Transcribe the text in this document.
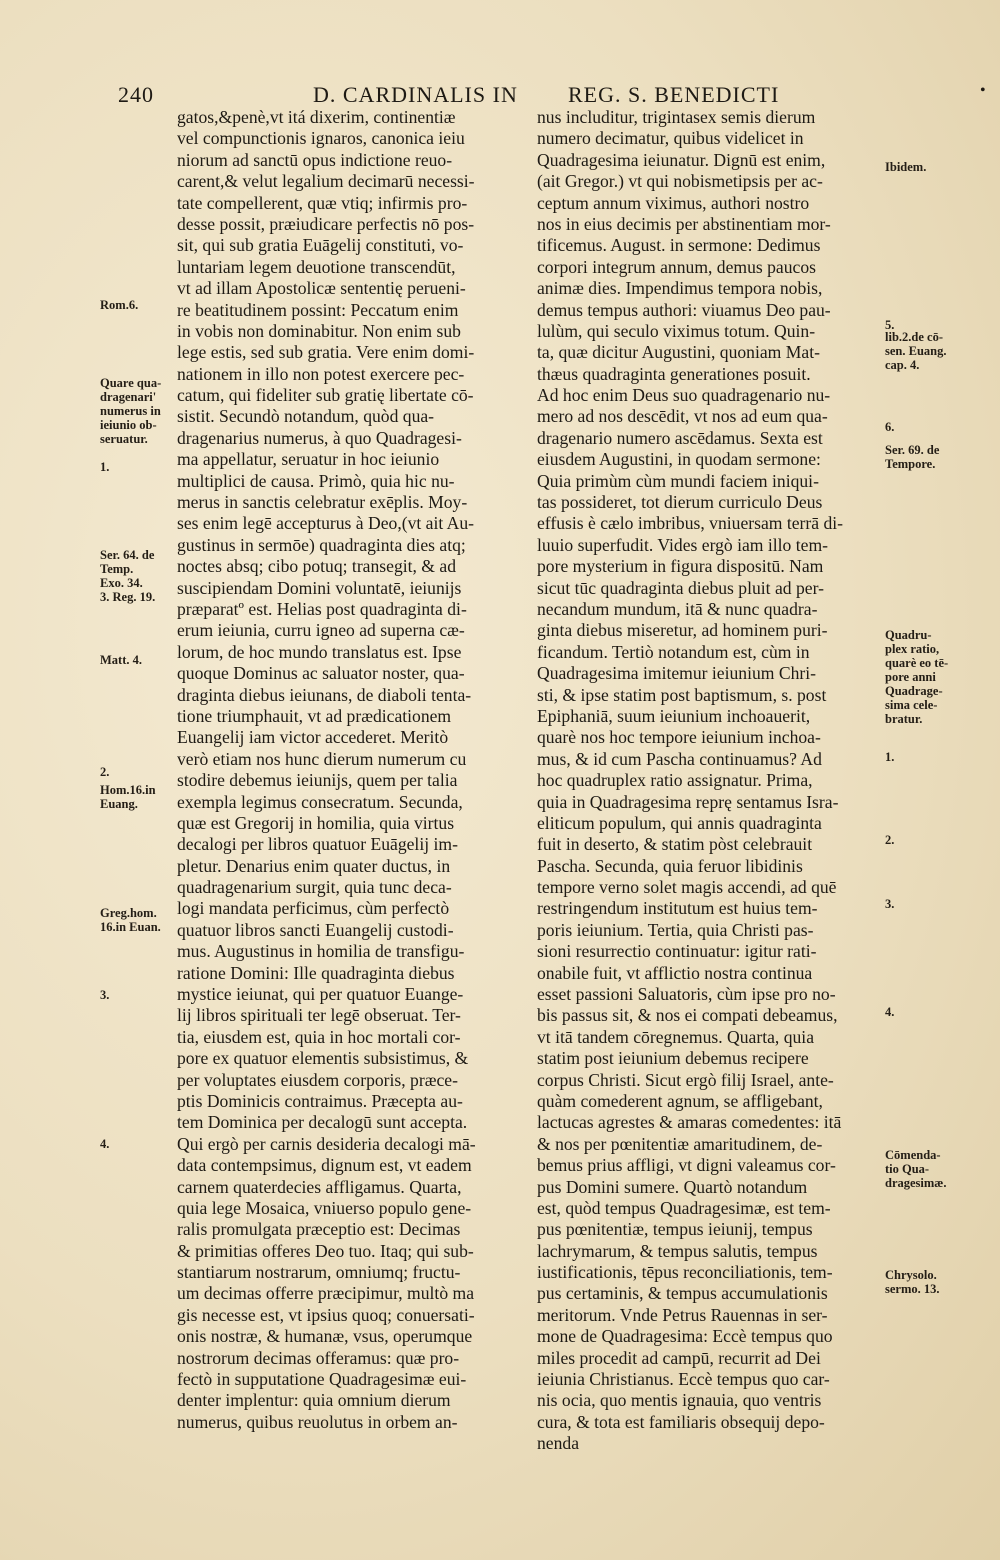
240	D. CARDINALIS IN REG. S. BENEDICTI	•
gatos,&penè,vt itá dixerim, continentiæ
vel compunctionis ignaros, canonica ieiu
niorum ad sanctū opus indictione reuo-
carent,& velut legalium decimarū necessi-
tate compellerent, quæ vtiq; infirmis pro-
desse possit, præiudicare perfectis nō pos-
sit, qui sub gratia Euāgelij constituti, vo-
luntariam legem deuotione transcendūt,
vt ad illam Apostolicæ sententię perueni-
re beatitudinem possint: Peccatum enim
in vobis non dominabitur. Non enim sub
lege estis, sed sub gratia. Vere enim domi-
nationem in illo non potest exercere pec-
catum, qui fideliter sub gratię libertate cō-
sistit. Secundò notandum, quòd qua-
dragenarius numerus, à quo Quadragesi-
ma appellatur, seruatur in hoc ieiunio
multiplici de causa. Primò, quia hic nu-
merus in sanctis celebratur exēplis. Moy-
ses enim legē accepturus à Deo,(vt ait Au-
gustinus in sermōe) quadraginta dies atq;
noctes absq; cibo potuq; transegit, & ad
suscipiendam Domini voluntatē, ieiunijs
præparatº est. Helias post quadraginta di-
erum ieiunia, curru igneo ad superna cæ-
lorum, de hoc mundo translatus est. Ipse
quoque Dominus ac saluator noster, qua-
draginta diebus ieiunans, de diaboli tenta-
tione triumphauit, vt ad prædicationem
Euangelij iam victor accederet. Meritò
verò etiam nos hunc dierum numerum cu
stodire debemus ieiunijs, quem per talia
exempla legimus consecratum. Secunda,
quæ est Gregorij in homilia, quia virtus
decalogi per libros quatuor Euāgelij im-
pletur. Denarius enim quater ductus, in
quadragenarium surgit, quia tunc deca-
logi mandata perficimus, cùm perfectò
quatuor libros sancti Euangelij custodi-
mus. Augustinus in homilia de transfigu-
ratione Domini: Ille quadraginta diebus
mystice ieiunat, qui per quatuor Euange-
lij libros spirituali ter legē obseruat. Ter-
tia, eiusdem est, quia in hoc mortali cor-
pore ex quatuor elementis subsistimus, &
per voluptates eiusdem corporis, præce-
ptis Dominicis contraimus. Præcepta au-
tem Dominica per decalogū sunt accepta.
Qui ergò per carnis desideria decalogi mā-
data contempsimus, dignum est, vt eadem
carnem quaterdecies affligamus. Quarta,
quia lege Mosaica, vniuerso populo gene-
ralis promulgata præceptio est: Decimas
& primitias offeres Deo tuo. Itaq; qui sub-
stantiarum nostrarum, omniumq; fructu-
um decimas offerre præcipimur, multò ma
gis necesse est, vt ipsius quoq; conuersati-
onis nostræ, & humanæ, vsus, operumque
nostrorum decimas offeramus: quæ pro-
fectò in supputatione Quadragesimæ eui-
denter implentur: quia omnium dierum
numerus, quibus reuolutus in orbem an-
nus includitur, trigintasex semis dierum
numero decimatur, quibus videlicet in
Quadragesima ieiunatur. Dignū est enim,
(ait Gregor.) vt qui nobismetipsis per ac-
ceptum annum viximus, authori nostro
nos in eius decimis per abstinentiam mor-
tificemus. August. in sermone: Dedimus
corpori integrum annum, demus paucos
animæ dies. Impendimus tempora nobis,
demus tempus authori: viuamus Deo pau-
lulùm, qui seculo viximus totum. Quin-
ta, quæ dicitur Augustini, quoniam Mat-
thæus quadraginta generationes posuit.
Ad hoc enim Deus suo quadragenario nu-
mero ad nos descēdit, vt nos ad eum qua-
dragenario numero ascēdamus. Sexta est
eiusdem Augustini, in quodam sermone:
Quia primùm cùm mundi faciem iniqui-
tas possideret, tot dierum curriculo Deus
effusis è cælo imbribus, vniuersam terrā di-
luuio superfudit. Vides ergò iam illo tem-
pore mysterium in figura dispositū. Nam
sicut tūc quadraginta diebus pluit ad per-
necandum mundum, itā & nunc quadra-
ginta diebus miseretur, ad hominem puri-
ficandum. Tertiò notandum est, cùm in
Quadragesima imitemur ieiunium Chri-
sti, & ipse statim post baptismum, s. post
Epiphaniā, suum ieiunium inchoauerit,
quarè nos hoc tempore ieiunium inchoa-
mus, & id cum Pascha continuamus? Ad
hoc quadruplex ratio assignatur. Prima,
quia in Quadragesima reprę sentamus Isra-
eliticum populum, qui annis quadraginta
fuit in deserto, & statim pòst celebrauit
Pascha. Secunda, quia feruor libidinis
tempore verno solet magis accendi, ad quē
restringendum institutum est huius tem-
poris ieiunium. Tertia, quia Christi pas-
sioni resurrectio continuatur: igitur rati-
onabile fuit, vt afflictio nostra continua
esset passioni Saluatoris, cùm ipse pro no-
bis passus sit, & nos ei compati debeamus,
vt itā tandem cōregnemus. Quarta, quia
statim post ieiunium debemus recipere
corpus Christi. Sicut ergò filij Israel, ante-
quàm comederent agnum, se affligebant,
lactucas agrestes & amaras comedentes: itā
& nos per pœnitentiæ amaritudinem, de-
bemus prius affligi, vt digni valeamus cor-
pus Domini sumere. Quartò notandum
est, quòd tempus Quadragesimæ, est tem-
pus pœnitentiæ, tempus ieiunij, tempus
lachrymarum, & tempus salutis, tempus
iustificationis, tēpus reconciliationis, tem-
pus certaminis, & tempus accumulationis
meritorum. Vnde Petrus Rauennas in ser-
mone de Quadragesima: Eccè tempus quo
miles procedit ad campū, recurrit ad Dei
ieiunia Christianus. Eccè tempus quo car-
nis ocia, quo mentis ignauia, quo ventris
cura, & tota est familiaris obsequij depo-
nenda
Rom.6.
Quare qua-
dragenari'
numerus in
ieiunio ob-
seruatur.
1.
Ser. 64. de
Temp.
Exo. 34.
3. Reg. 19.
Matt. 4.
2.
Hom.16.in
Euang.
Greg.hom.
16.in Euan.
3.
4.
Ibidem.
5.
lib.2.de cō-
sen. Euang.
cap. 4.
6.
Ser. 69. de
Tempore.
Quadru-
plex ratio,
quarè eo tē-
pore anni
Quadrage-
sima cele-
bratur.
1.
2.
3.
4.
Cōmenda-
tio Qua-
dragesimæ.
Chrysolo.
sermo. 13.
